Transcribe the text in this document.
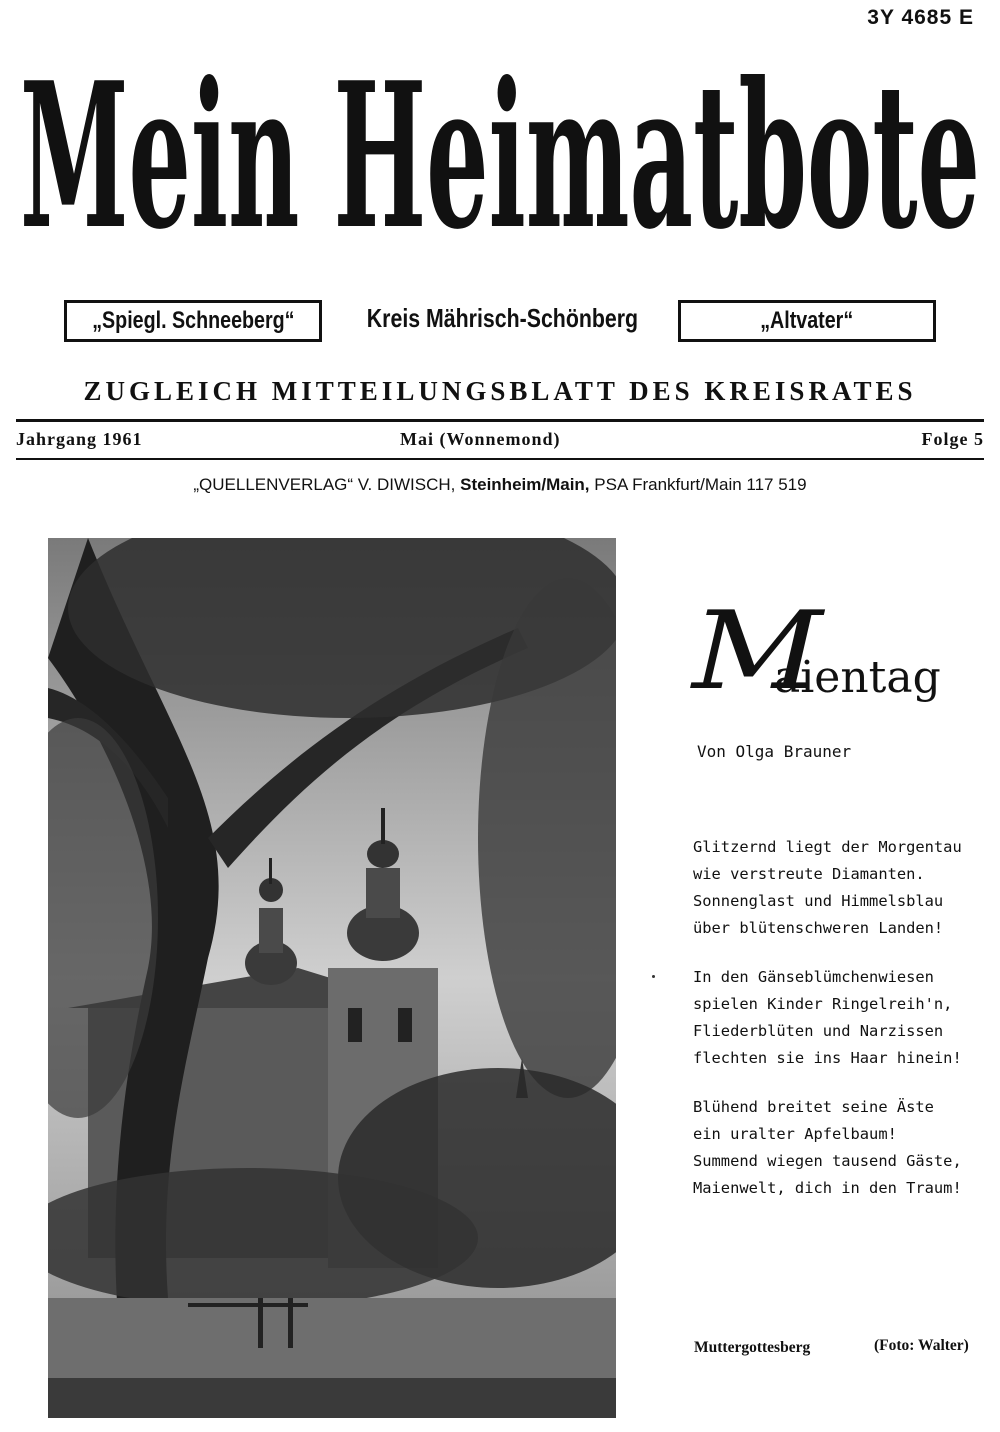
3Y 4685 E
Mein Heimatbote
„Spiegl. Schneeberg“	Kreis Mährisch-Schönberg	„Altvater“
ZUGLEICH MITTEILUNGSBLATT DES KREISRATES
Jahrgang 1961	Mai (Wonnemond)	Folge 5
„QUELLENVERLAG“ V. DIWISCH, Steinheim/Main, PSA Frankfurt/Main 117 519
M
aientag
Von Olga Brauner
Glitzernd liegt der Morgentau
wie verstreute Diamanten.
Sonnenglast und Himmelsblau
über blütenschweren Landen!
In den Gänseblümchenwiesen
spielen Kinder Ringelreih'n,
Fliederblüten und Narzissen
flechten sie ins Haar hinein!
Blühend breitet seine Äste
ein uralter Apfelbaum!
Summend wiegen tausend Gäste,
Maienwelt, dich in den Traum!
Muttergottesberg	(Foto: Walter)
